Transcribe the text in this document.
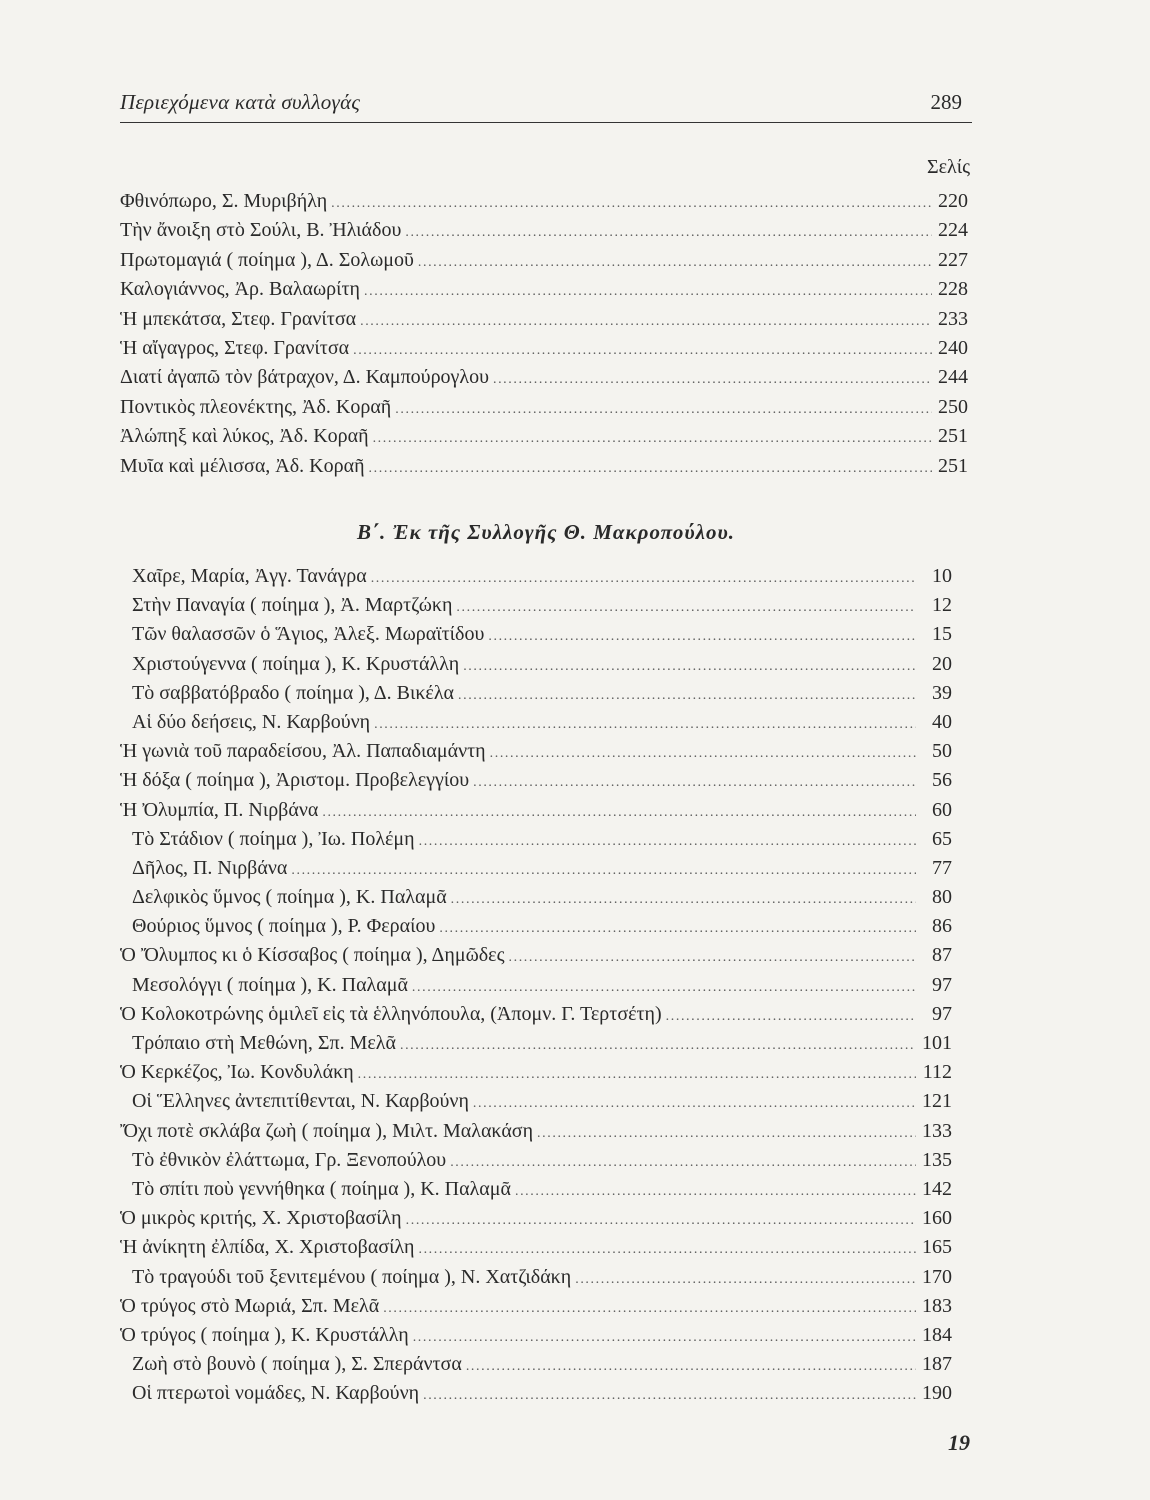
Περιεχόμενα κατὰ συλλογάς	289
Σελίς
Φθινόπωρο, Σ. Μυριβήλη .....	220
Τὴν ἄνοιξη στὸ Σούλι, Β. Ἠλιάδου .....	224
Πρωτομαγιά ( ποίημα ), Δ. Σολωμοῦ .....	227
Καλογιάννος, Ἀρ. Βαλαωρίτη .....	228
Ἡ μπεκάτσα, Στεφ. Γρανίτσα .....	233
Ἡ αἴγαγρος, Στεφ. Γρανίτσα .....	240
Διατί ἀγαπῶ τὸν βάτραχον, Δ. Καμπούρογλου .....	244
Ποντικὸς πλεονέκτης, Ἀδ. Κοραῆ .....	250
Ἀλώπηξ καὶ λύκος, Ἀδ. Κοραῆ .....	251
Μυῖα καὶ μέλισσα, Ἀδ. Κοραῆ .....	251
Β΄. Ἐκ τῆς Συλλογῆς Θ. Μακροπούλου.
Χαῖρε, Μαρία, Ἀγγ. Τανάγρα .....	10
Στὴν Παναγία ( ποίημα ), Ἀ. Μαρτζώκη .....	12
Τῶν θαλασσῶν ὁ Ἅγιος, Ἀλεξ. Μωραϊτίδου .....	15
Χριστούγεννα ( ποίημα ), Κ. Κρυστάλλη .....	20
Τὸ σαββατόβραδο ( ποίημα ), Δ. Βικέλα .....	39
Αἱ δύο δεήσεις, Ν. Καρβούνη .....	40
Ἡ γωνιὰ τοῦ παραδείσου, Ἀλ. Παπαδιαμάντη .....	50
Ἡ δόξα ( ποίημα ), Ἀριστομ. Προβελεγγίου .....	56
Ἡ Ὀλυμπία, Π. Νιρβάνα .....	60
Τὸ Στάδιον ( ποίημα ), Ἰω. Πολέμη .....	65
Δῆλος, Π. Νιρβάνα .....	77
Δελφικὸς ὕμνος ( ποίημα ), Κ. Παλαμᾶ .....	80
Θούριος ὕμνος ( ποίημα ), Ρ. Φεραίου .....	86
Ὁ Ὄλυμπος κι ὁ Κίσσαβος ( ποίημα ), Δημῶδες .....	87
Μεσολόγγι ( ποίημα ), Κ. Παλαμᾶ .....	97
Ὁ Κολοκοτρώνης ὁμιλεῖ εἰς τὰ ἑλληνόπουλα, (Ἀπομν. Γ. Τερτσέτη) .....	97
Τρόπαιο στὴ Μεθώνη, Σπ. Μελᾶ .....	101
Ὁ Κερκέζος, Ἰω. Κονδυλάκη .....	112
Οἱ Ἕλληνες ἀντεπιτίθενται, Ν. Καρβούνη .....	121
Ὄχι ποτὲ σκλάβα ζωὴ ( ποίημα ), Μιλτ. Μαλακάση .....	133
Τὸ ἐθνικὸν ἐλάττωμα, Γρ. Ξενοπούλου .....	135
Τὸ σπίτι ποὺ γεννήθηκα ( ποίημα ), Κ. Παλαμᾶ .....	142
Ὁ μικρὸς κριτής, Χ. Χριστοβασίλη .....	160
Ἡ ἀνίκητη ἐλπίδα, Χ. Χριστοβασίλη .....	165
Τὸ τραγούδι τοῦ ξενιτεμένου ( ποίημα ), Ν. Χατζιδάκη .....	170
Ὁ τρύγος στὸ Μωριά, Σπ. Μελᾶ .....	183
Ὁ τρύγος ( ποίημα ), Κ. Κρυστάλλη .....	184
Ζωὴ στὸ βουνὸ ( ποίημα ), Σ. Σπεράντσα .....	187
Οἱ πτερωτοὶ νομάδες, Ν. Καρβούνη .....	190
19
